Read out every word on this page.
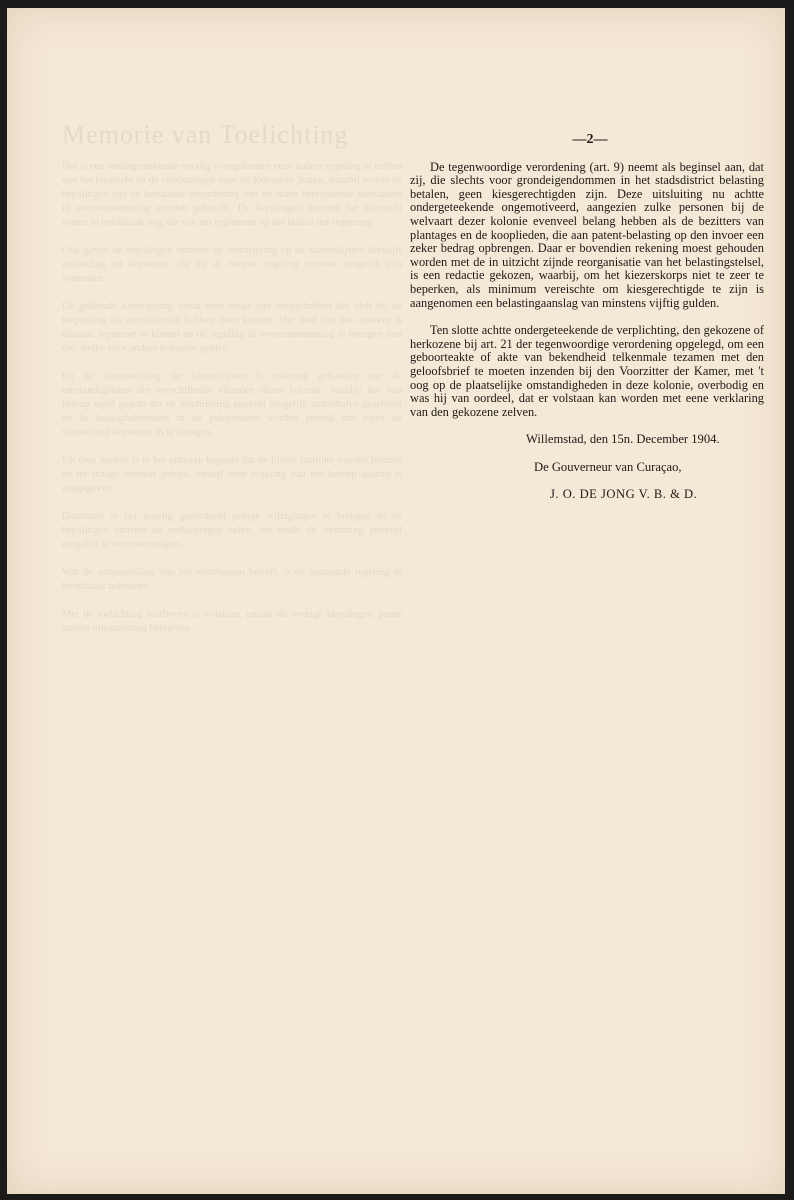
Memorie van Toelichting

Het is een ondergeteekende noodig voorgekomen eene nadere regeling te treffen van het kiesrecht en de verkiezingen voor de Koloniale Staten, waarbij tevens de bepalingen van de bestaande verordening met de thans heerschende toestanden in overeenstemming worden gebracht. De bepalingen omtrent het kiesrecht waren in hoofdzaak nog die van het reglement op het beleid der regeering.

Ook gaven de bepalingen omtrent de inschrijving op de kiezerslijsten dikwijls aanleiding tot bezwaren, die bij de nieuwe regeling zooveel mogelijk zijn vermeden.

De geldende kiesregeling bevat eene reeks van voorschriften die zich bij de toepassing als onvoldoende hebben doen kennen. Het doel van het ontwerp is daaraan tegemoet te komen en de regeling in overeenstemming te brengen met die, welke voor andere koloniën gelden.

Bij de samenstelling der kiezerslijsten is rekening gehouden met de omstandigheden der verschillende eilanden dezer kolonie, waarbij het van belang werd geacht dat de inschrijving zooveel mogelijk ambtshalve geschiedt en de belanghebbenden in de gelegenheid worden gesteld om tegen de vaststelling bezwaren in te brengen.

Uit dien hoofde is in het ontwerp bepaald dat de lijsten jaarlijks worden herzien en ter inzage worden gelegd, terwijl eene regeling van het beroep daarbij is aangegeven.

Daarnaast is het noodig geoordeeld eenige wijzigingen te brengen in de bepalingen omtrent de verkiezingen zelve, ten einde de stemming zooveel mogelijk te vereenvoudigen.

Wat de samenstelling van het stembureau betreft, is de bestaande regeling in hoofdzaak behouden.

Met de toelichting hierboven is volstaan, omdat de overige bepalingen geene nadere uiteenzetting behoeven.

—2—

De tegenwoordige verordening (art. 9) neemt als beginsel aan, dat zij, die slechts voor grondeigendommen in het stadsdistrict belasting betalen, geen kiesgerechtigden zijn. Deze uitsluiting nu achtte ondergeteekende ongemotiveerd, aangezien zulke personen bij de welvaart dezer kolonie evenveel belang hebben als de bezitters van plantages en de kooplieden, die aan patent-belasting op den invoer een zeker bedrag opbrengen. Daar er bovendien rekening moest gehouden worden met de in uitzicht zijnde reorganisatie van het belastingstelsel, is een redactie gekozen, waarbij, om het kiezerskorps niet te zeer te beperken, als minimum vereischte om kiesgerechtigde te zijn is aangenomen een belastingaanslag van minstens vijftig gulden.

Ten slotte achtte ondergeteekende de verplichting, den gekozene of herkozene bij art. 21 der tegenwoordige verordening opgelegd, om een geboorteakte of akte van bekendheid telkenmale tezamen met den geloofsbrief te moeten inzenden bij den Voorzitter der Kamer, met 't oog op de plaatselijke omstandigheden in deze kolonie, overbodig en was hij van oordeel, dat er volstaan kan worden met eene verklaring van den gekozene zelven.

Willemstad, den 15n. December 1904.

De Gouverneur van Curaçao,

J. O. DE JONG V. B. & D.
